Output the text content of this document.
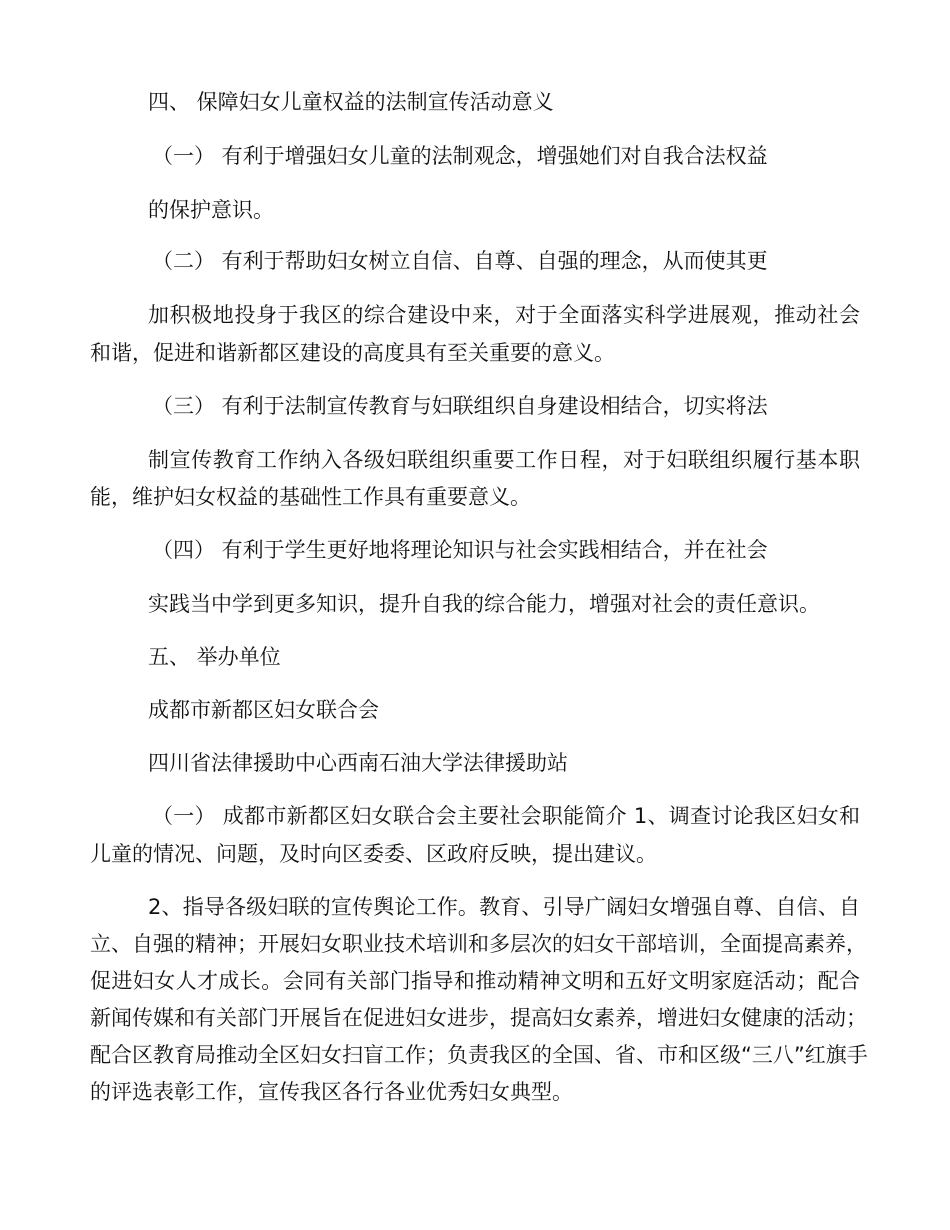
四、 保障妇女儿童权益的法制宣传活动意义

（一） 有利于增强妇女儿童的法制观念，增强她们对自我合法权益

的保护意识。

（二） 有利于帮助妇女树立自信、自尊、自强的理念，从而使其更

加积极地投身于我区的综合建设中来，对于全面落实科学进展观，推动社会

和谐，促进和谐新都区建设的高度具有至关重要的意义。

（三） 有利于法制宣传教育与妇联组织自身建设相结合，切实将法

制宣传教育工作纳入各级妇联组织重要工作日程，对于妇联组织履行基本职

能，维护妇女权益的基础性工作具有重要意义。

（四） 有利于学生更好地将理论知识与社会实践相结合，并在社会

实践当中学到更多知识，提升自我的综合能力，增强对社会的责任意识。

五、 举办单位

成都市新都区妇女联合会

四川省法律援助中心西南石油大学法律援助站

（一） 成都市新都区妇女联合会主要社会职能简介 1、调查讨论我区妇女和

儿童的情况、问题，及时向区委委、区政府反映，提出建议。

2、指导各级妇联的宣传舆论工作。教育、引导广阔妇女增强自尊、自信、自

立、自强的精神；开展妇女职业技术培训和多层次的妇女干部培训，全面提高素养，

促进妇女人才成长。会同有关部门指导和推动精神文明和五好文明家庭活动；配合

新闻传媒和有关部门开展旨在促进妇女进步，提高妇女素养，增进妇女健康的活动；

配合区教育局推动全区妇女扫盲工作；负责我区的全国、省、市和区级“三八”红旗手

的评选表彰工作，宣传我区各行各业优秀妇女典型。
